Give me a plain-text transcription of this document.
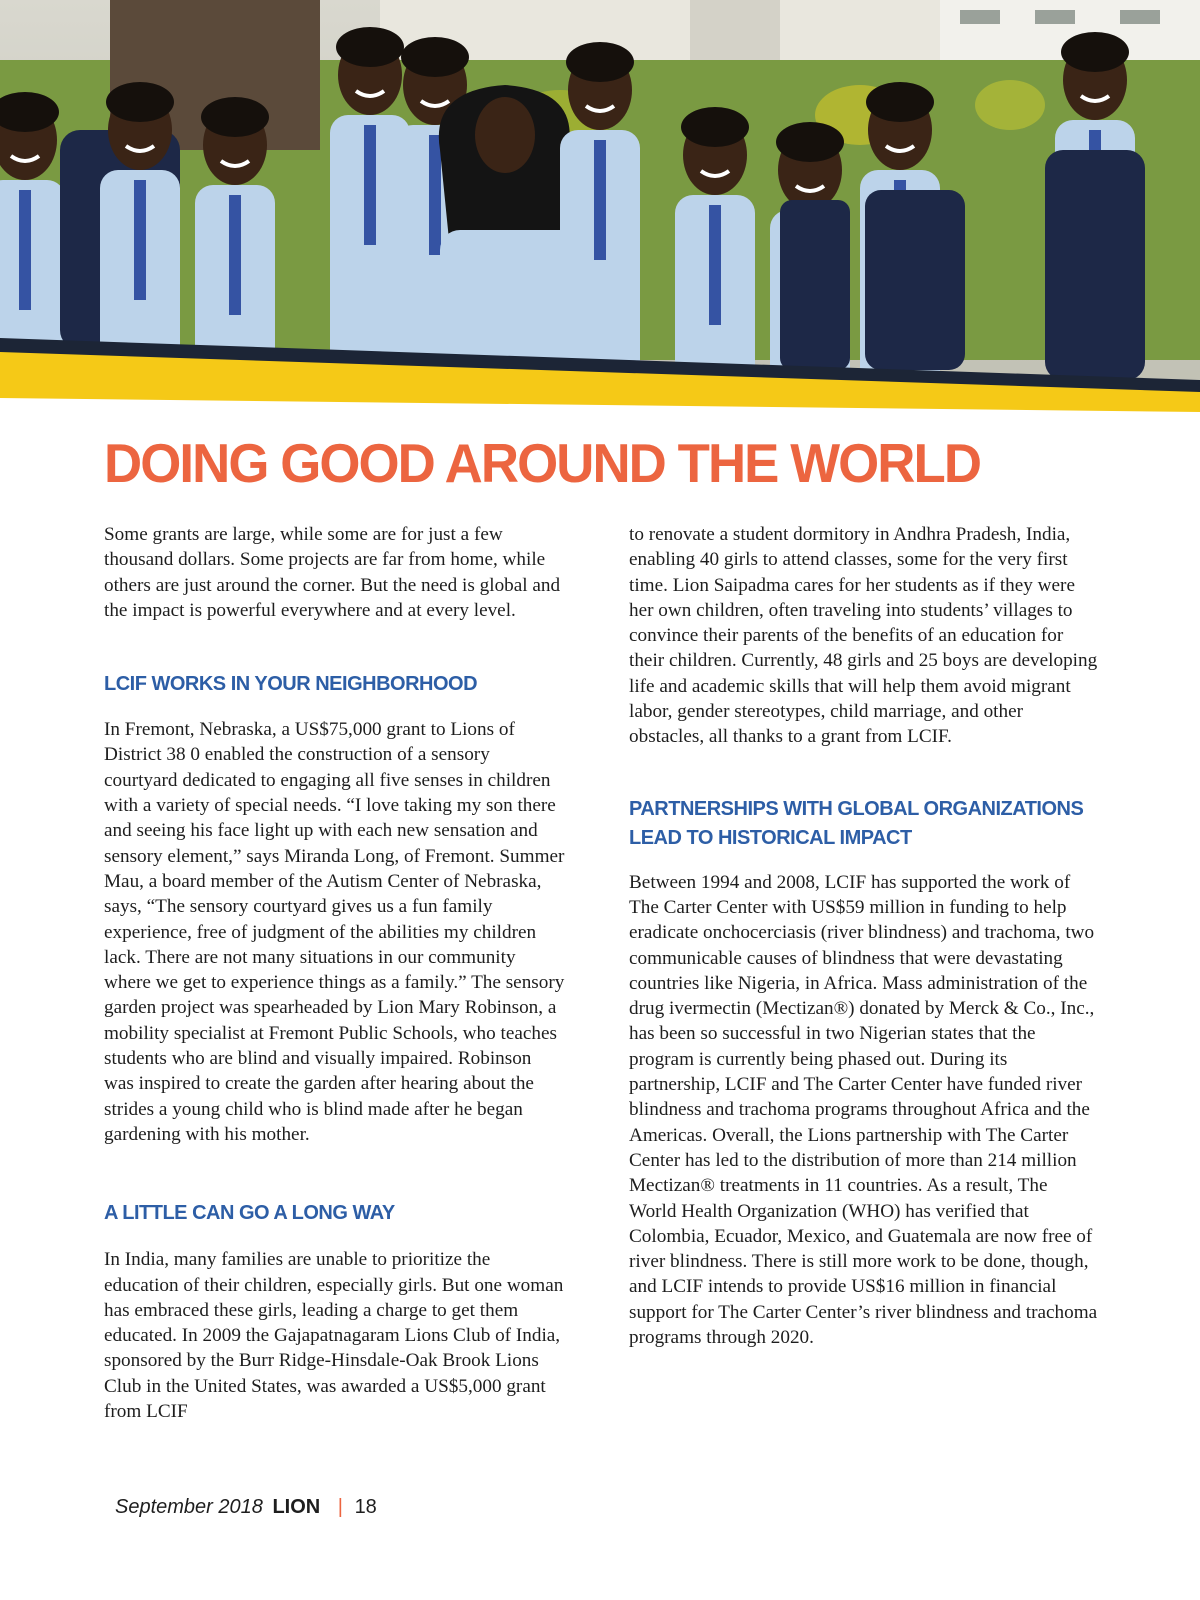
DOING GOOD AROUND THE WORLD

Some grants are large, while some are for just a few thousand dollars. Some projects are far from home, while others are just around the corner. But the need is global and the impact is powerful everywhere and at every level.

LCIF WORKS IN YOUR NEIGHBORHOOD

In Fremont, Nebraska, a US$75,000 grant to Lions of District 38 0 enabled the construction of a sensory courtyard dedicated to engaging all five senses in children with a variety of special needs. “I love taking my son there and seeing his face light up with each new sensation and sensory element,” says Miranda Long, of Fremont. Summer Mau, a board member of the Autism Center of Nebraska, says, “The sensory courtyard gives us a fun family experience, free of judgment of the abilities my children lack. There are not many situations in our community where we get to experience things as a family.” The sensory garden project was spearheaded by Lion Mary Robinson, a mobility specialist at Fremont Public Schools, who teaches students who are blind and visually impaired. Robinson was inspired to create the garden after hearing about the strides a young child who is blind made after he began gardening with his mother.

A LITTLE CAN GO A LONG WAY

In India, many families are unable to prioritize the education of their children, especially girls. But one woman has embraced these girls, leading a charge to get them educated. In 2009 the Gajapatnagaram Lions Club of India, sponsored by the Burr Ridge-Hinsdale-Oak Brook Lions Club in the United States, was awarded a US$5,000 grant from LCIF

to renovate a student dormitory in Andhra Pradesh, India, enabling 40 girls to attend classes, some for the very first time. Lion Saipadma cares for her students as if they were her own children, often traveling into students’ villages to convince their parents of the benefits of an education for their children. Currently, 48 girls and 25 boys are developing life and academic skills that will help them avoid migrant labor, gender stereotypes, child marriage, and other obstacles, all thanks to a grant from LCIF.

PARTNERSHIPS WITH GLOBAL ORGANIZATIONS LEAD TO HISTORICAL IMPACT

Between 1994 and 2008, LCIF has supported the work of The Carter Center with US$59 million in funding to help eradicate onchocerciasis (river blindness) and trachoma, two communicable causes of blindness that were devastating countries like Nigeria, in Africa. Mass administration of the drug ivermectin (Mectizan®) donated by Merck & Co., Inc., has been so successful in two Nigerian states that the program is currently being phased out. During its partnership, LCIF and The Carter Center have funded river blindness and trachoma programs throughout Africa and the Americas. Overall, the Lions partnership with The Carter Center has led to the distribution of more than 214 million Mectizan® treatments in 11 countries. As a result, The World Health Organization (WHO) has verified that Colombia, Ecuador, Mexico, and Guatemala are now free of river blindness. There is still more work to be done, though, and LCIF intends to provide US$16 million in financial support for The Carter Center’s river blindness and trachoma programs through 2020.

September 2018 LION | 18
